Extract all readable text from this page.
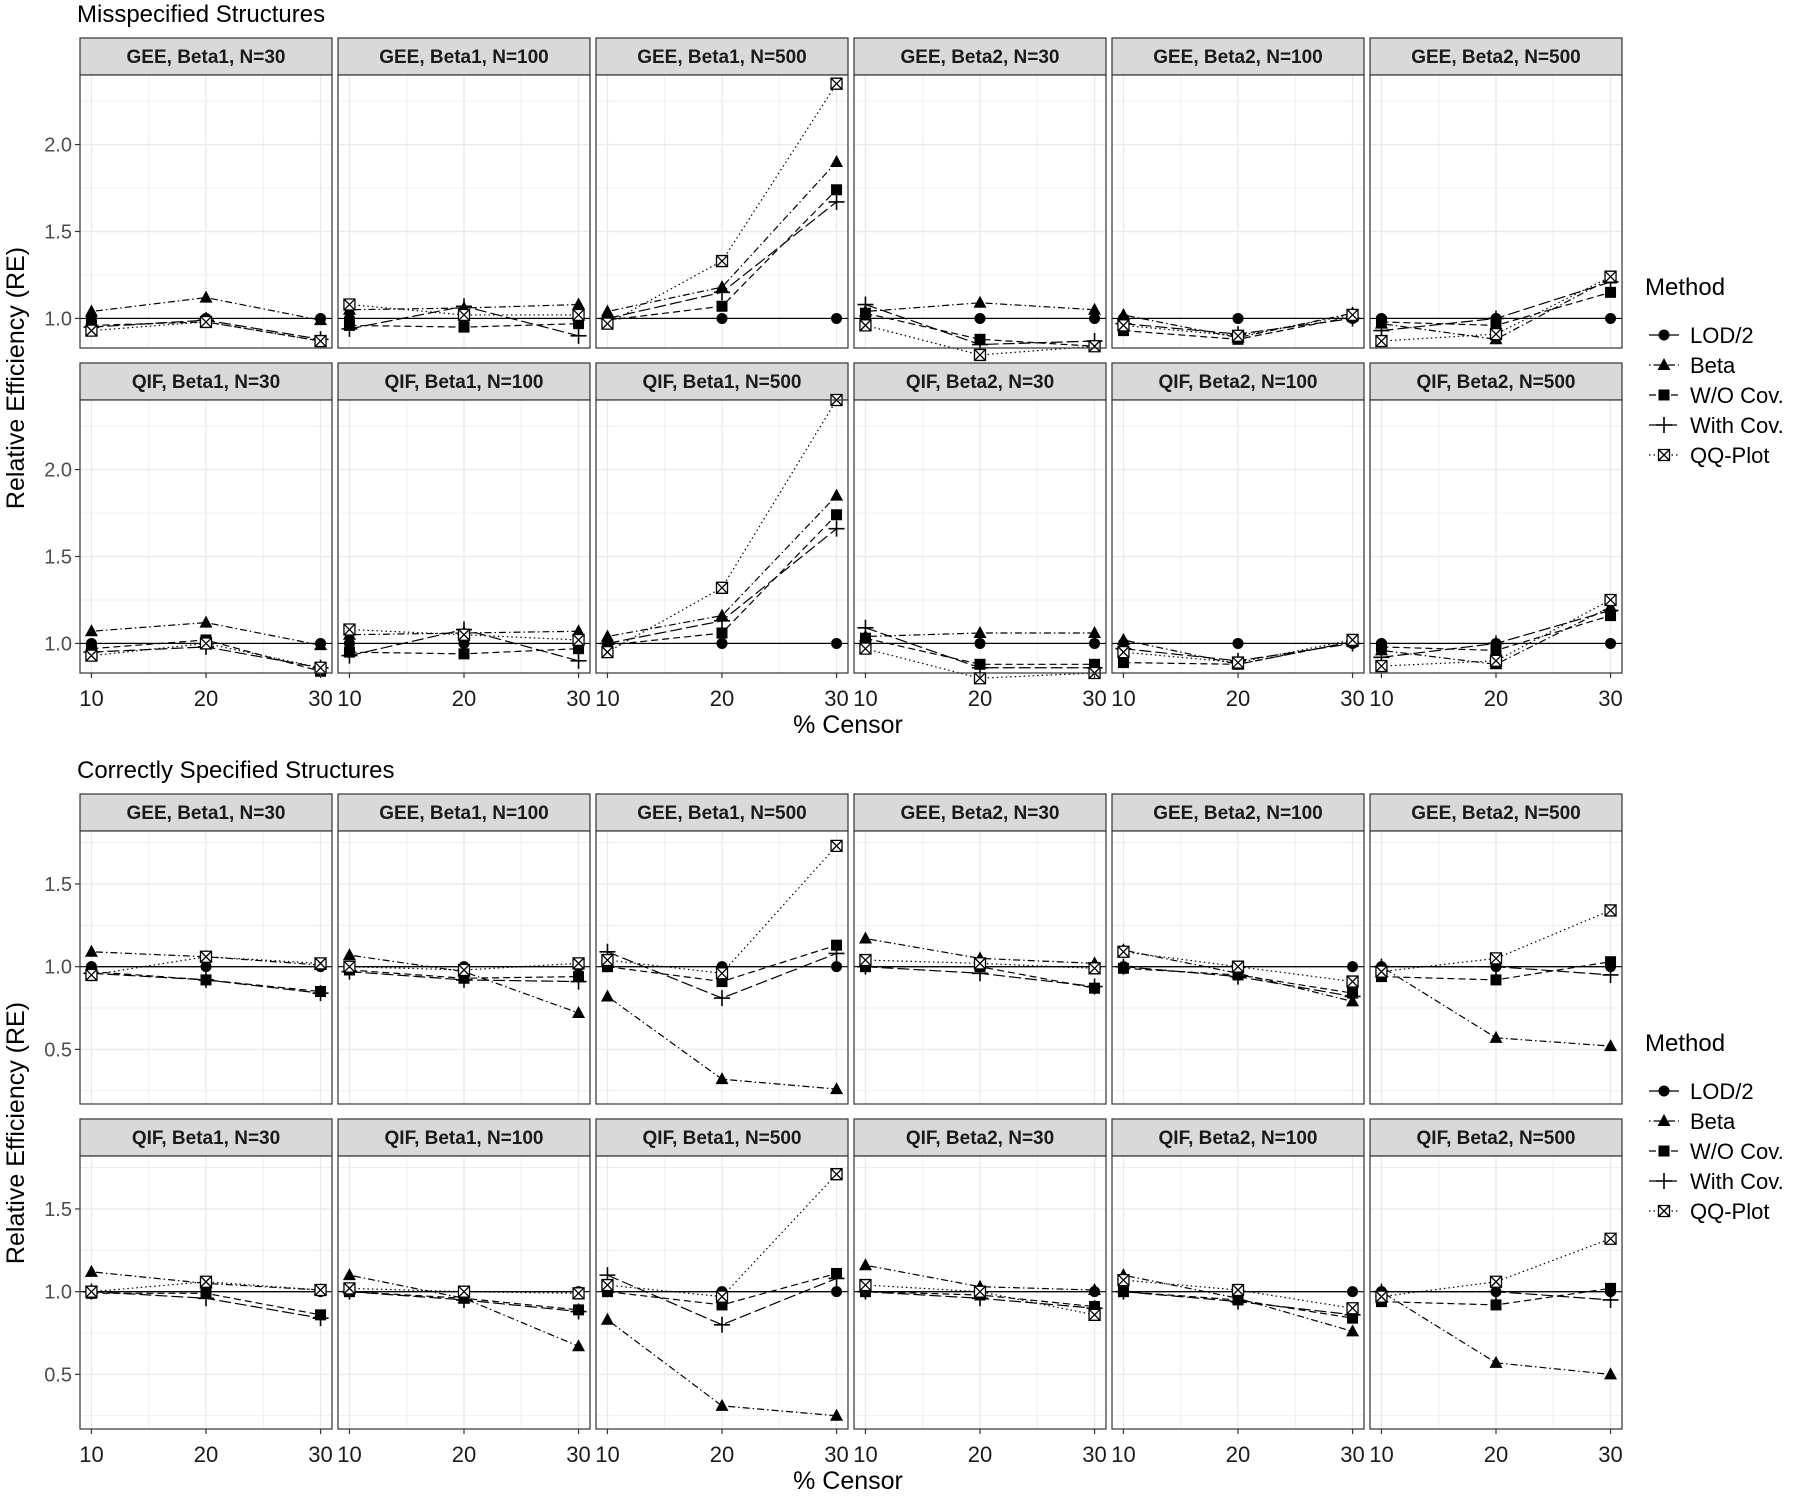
Misspecified Structures
Correctly Specified Structures
Relative Efficiency (RE)
Relative Efficiency (RE)
% Censor
% Censor
GEE, Beta1, N=30
1.0
1.5
2.0
GEE, Beta1, N=100	GEE, Beta1, N=500	GEE, Beta2, N=30	GEE, Beta2, N=100	GEE, Beta2, N=500
QIF, Beta1, N=30
1.0
1.5
2.0
10	20	30
QIF, Beta1, N=100
10	20	30
QIF, Beta1, N=500
10	20	30
QIF, Beta2, N=30
10	20	30
QIF, Beta2, N=100
10	20	30
QIF, Beta2, N=500
10	20	30
GEE, Beta1, N=30
0.5
1.0
1.5
GEE, Beta1, N=100	GEE, Beta1, N=500	GEE, Beta2, N=30	GEE, Beta2, N=100	GEE, Beta2, N=500
QIF, Beta1, N=30
0.5
1.0
1.5
10	20	30
QIF, Beta1, N=100
10	20	30
QIF, Beta1, N=500
10	20	30
QIF, Beta2, N=30
10	20	30
QIF, Beta2, N=100
10	20	30
QIF, Beta2, N=500
10	20	30
Method
LOD/2
Beta
W/O Cov.
With Cov.
QQ-Plot
Method
LOD/2
Beta
W/O Cov.
With Cov.
QQ-Plot
